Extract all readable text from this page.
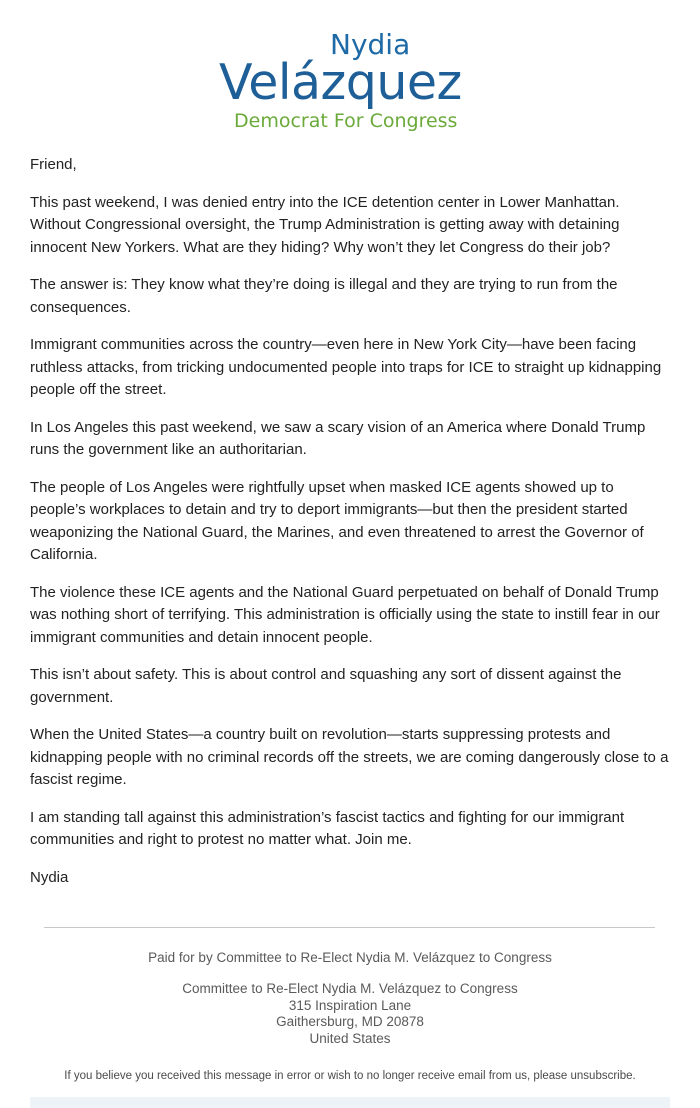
Nydia
Velázquez
Democrat For Congress

Friend,

This past weekend, I was denied entry into the ICE detention center in Lower Manhattan. Without Congressional oversight, the Trump Administration is getting away with detaining innocent New Yorkers. What are they hiding? Why won’t they let Congress do their job?

The answer is: They know what they’re doing is illegal and they are trying to run from the consequences.

Immigrant communities across the country—even here in New York City—have been facing ruthless attacks, from tricking undocumented people into traps for ICE to straight up kidnapping people off the street.

In Los Angeles this past weekend, we saw a scary vision of an America where Donald Trump runs the government like an authoritarian.

The people of Los Angeles were rightfully upset when masked ICE agents showed up to people’s workplaces to detain and try to deport immigrants—but then the president started weaponizing the National Guard, the Marines, and even threatened to arrest the Governor of California.

The violence these ICE agents and the National Guard perpetuated on behalf of Donald Trump was nothing short of terrifying. This administration is officially using the state to instill fear in our immigrant communities and detain innocent people.

This isn’t about safety. This is about control and squashing any sort of dissent against the government.

When the United States—a country built on revolution—starts suppressing protests and kidnapping people with no criminal records off the streets, we are coming dangerously close to a fascist regime.

I am standing tall against this administration’s fascist tactics and fighting for our immigrant communities and right to protest no matter what. Join me.

Nydia

Paid for by Committee to Re-Elect Nydia M. Velázquez to Congress

Committee to Re-Elect Nydia M. Velázquez to Congress
315 Inspiration Lane
Gaithersburg, MD 20878
United States
If you believe you received this message in error or wish to no longer receive email from us, please unsubscribe.
